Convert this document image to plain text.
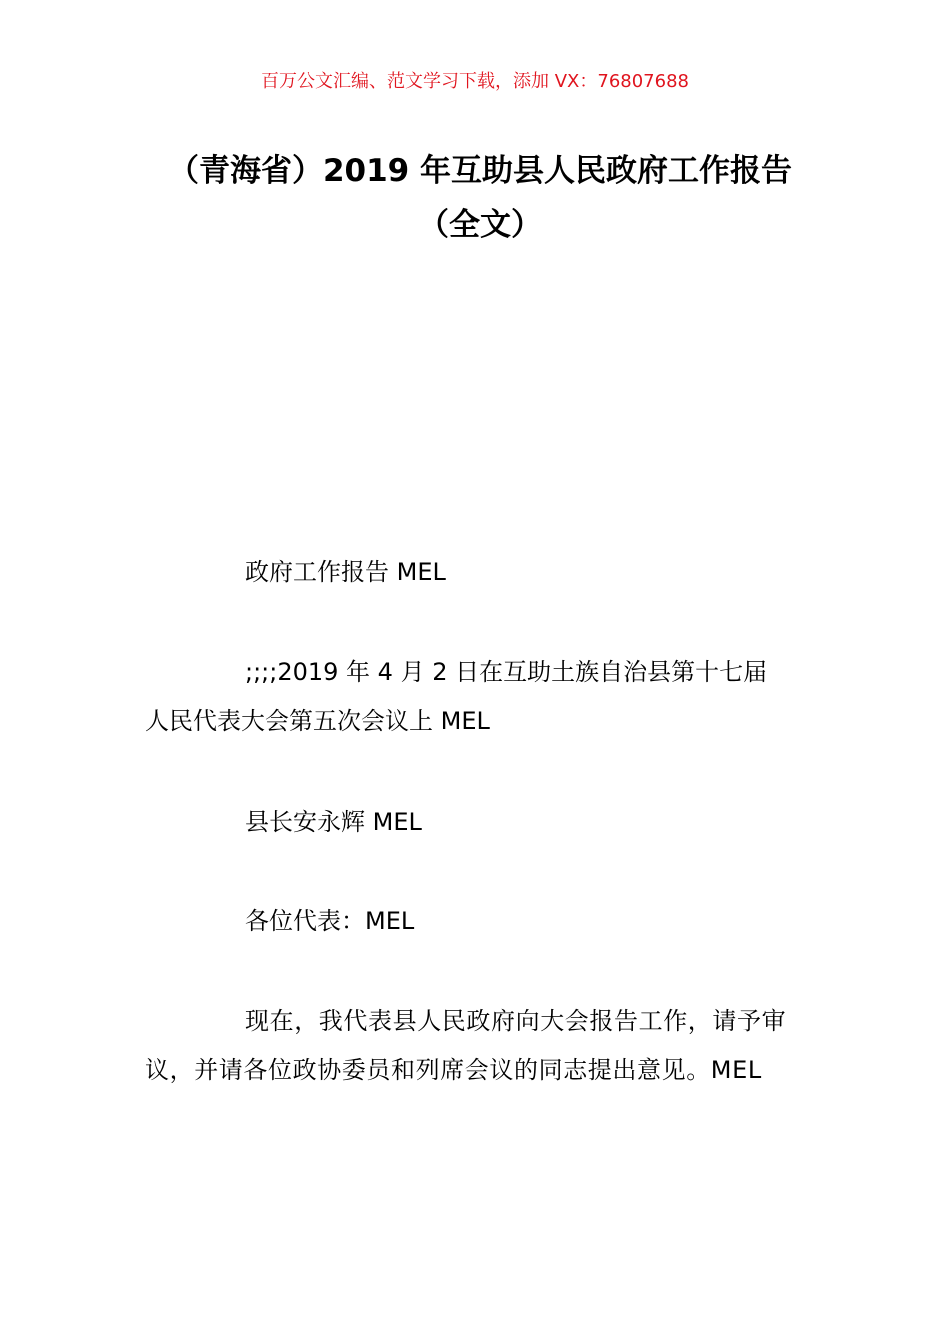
百万公文汇编、范文学习下载，添加 VX：76807688
（青海省）2019 年互助县人民政府工作报告（全文）

政府工作报告 MEL

;;;;2019 年 4 月 2 日在互助土族自治县第十七届
人民代表大会第五次会议上 MEL

县长安永辉 MEL

各位代表：MEL

现在，我代表县人民政府向大会报告工作，请予审议，并请各位政协委员和列席会议的同志提出意见。MEL
